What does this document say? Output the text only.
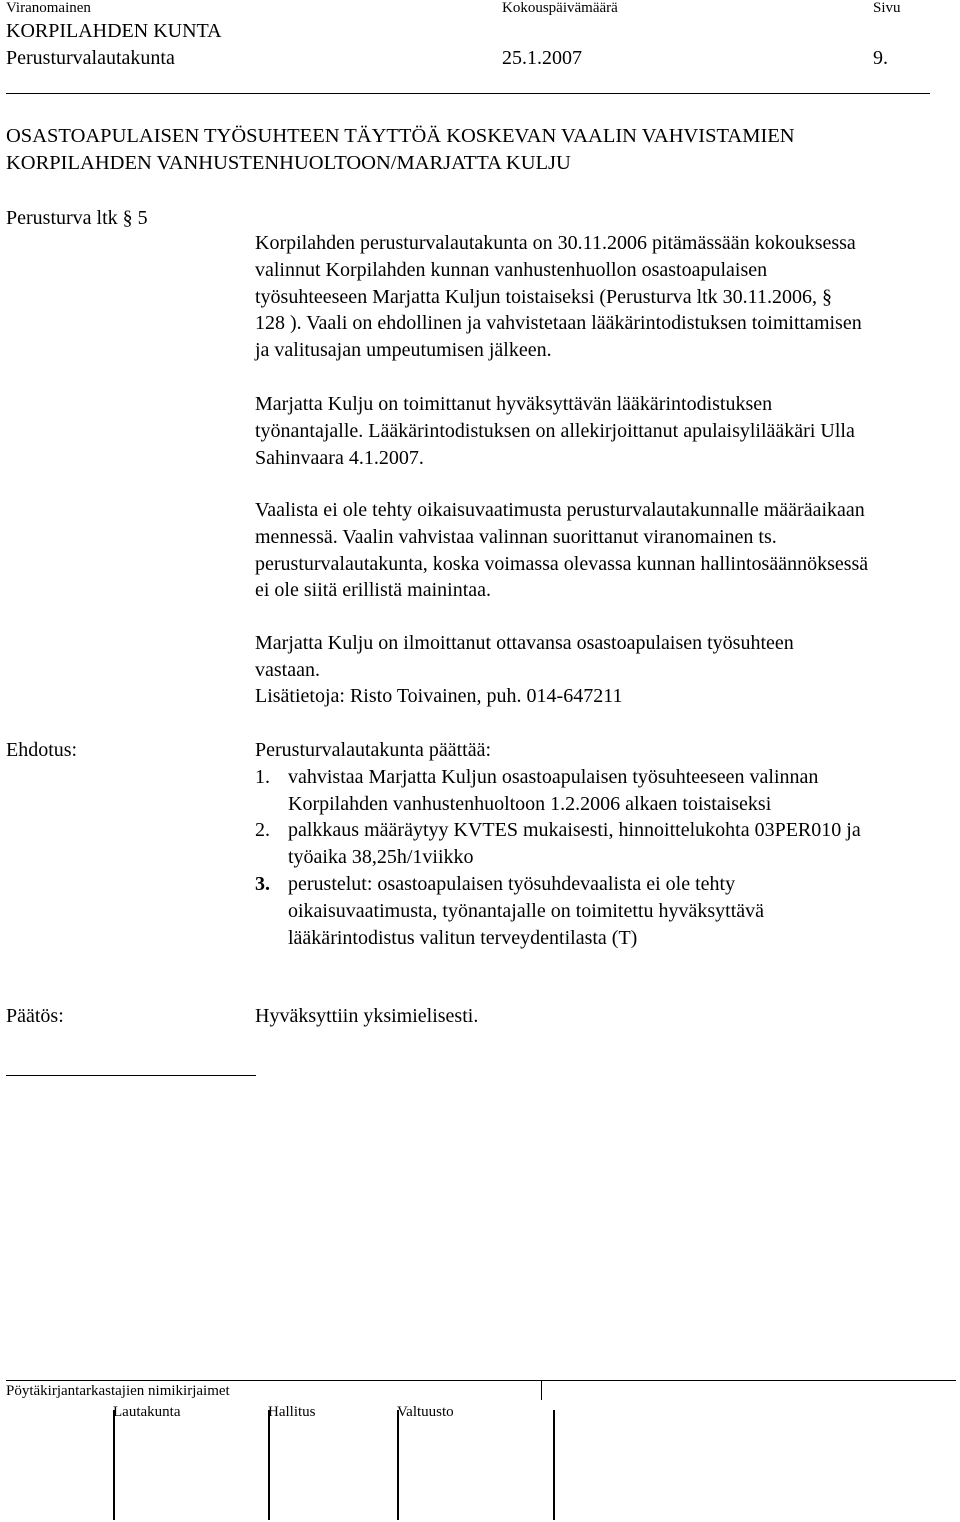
Viranomainen	Kokouspäivämäärä	Sivu
KORPILAHDEN KUNTA
Perusturvalautakunta	25.1.2007	9.
OSASTOAPULAISEN TYÖSUHTEEN TÄYTTÖÄ KOSKEVAN VAALIN VAHVISTAMIEN
KORPILAHDEN VANHUSTENHUOLTOON/MARJATTA KULJU
Perusturva ltk § 5
Korpilahden perusturvalautakunta on 30.11.2006 pitämässään kokouksessa
valinnut Korpilahden kunnan vanhustenhuollon osastoapulaisen
työsuhteeseen Marjatta Kuljun toistaiseksi (Perusturva ltk 30.11.2006, §
128 ). Vaali on ehdollinen ja vahvistetaan lääkärintodistuksen toimittamisen
ja valitusajan umpeutumisen jälkeen.
Marjatta Kulju on toimittanut hyväksyttävän lääkärintodistuksen
työnantajalle. Lääkärintodistuksen on allekirjoittanut apulaisylilääkäri Ulla
Sahinvaara 4.1.2007.
Vaalista ei ole tehty oikaisuvaatimusta perusturvalautakunnalle määräaikaan
mennessä. Vaalin vahvistaa valinnan suorittanut viranomainen ts.
perusturvalautakunta, koska voimassa olevassa kunnan hallintosäännöksessä
ei ole siitä erillistä mainintaa.
Marjatta Kulju on ilmoittanut ottavansa osastoapulaisen työsuhteen
vastaan.
Lisätietoja: Risto Toivainen, puh. 014-647211
Ehdotus:	Perusturvalautakunta päättää:
1. vahvistaa Marjatta Kuljun osastoapulaisen työsuhteeseen valinnan
Korpilahden vanhustenhuoltoon 1.2.2006 alkaen toistaiseksi
2. palkkaus määräytyy KVTES mukaisesti, hinnoittelukohta 03PER010 ja
työaika 38,25h/1viikko
3. perustelut: osastoapulaisen työsuhdevaalista ei ole tehty
oikaisuvaatimusta, työnantajalle on toimitettu hyväksyttävä
lääkärintodistus valitun terveydentilasta (T)
Päätös:	Hyväksyttiin yksimielisesti.
Pöytäkirjantarkastajien nimikirjaimet
Lautakunta	Hallitus	Valtuusto
